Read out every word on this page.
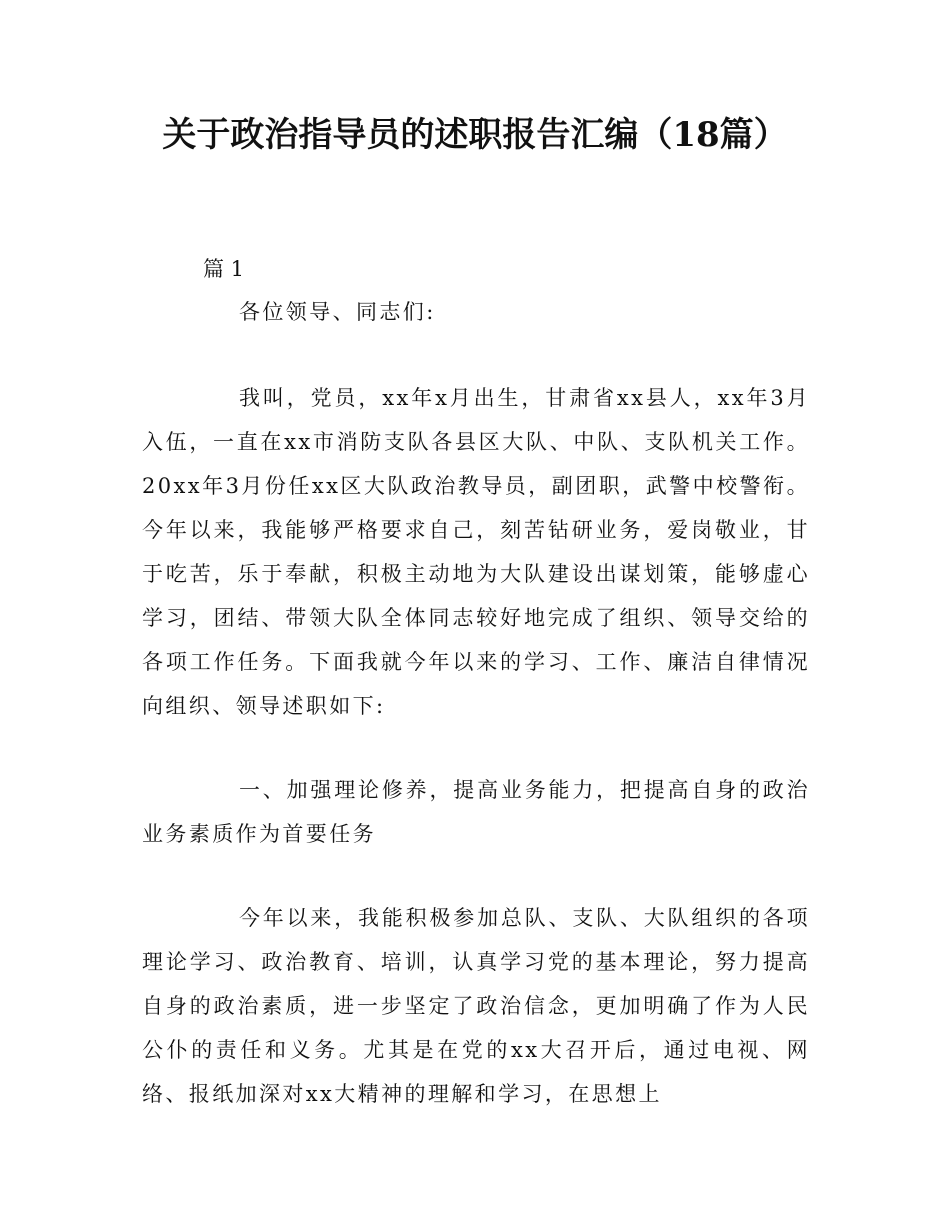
关于政治指导员的述职报告汇编（18篇）
篇 1

各位领导、同志们:

我叫，党员，xx年x月出生，甘肃省xx县人，xx年3月入伍，一直在xx市消防支队各县区大队、中队、支队机关工作。20xx年3月份任xx区大队政治教导员，副团职，武警中校警衔。今年以来，我能够严格要求自己，刻苦钻研业务，爱岗敬业，甘于吃苦，乐于奉献，积极主动地为大队建设出谋划策，能够虚心学习，团结、带领大队全体同志较好地完成了组织、领导交给的各项工作任务。下面我就今年以来的学习、工作、廉洁自律情况向组织、领导述职如下:

一、加强理论修养，提高业务能力，把提高自身的政治业务素质作为首要任务

今年以来，我能积极参加总队、支队、大队组织的各项理论学习、政治教育、培训，认真学习党的基本理论，努力提高自身的政治素质，进一步坚定了政治信念，更加明确了作为人民公仆的责任和义务。尤其是在党的xx大召开后，通过电视、网络、报纸加深对xx大精神的理解和学习，在思想上
